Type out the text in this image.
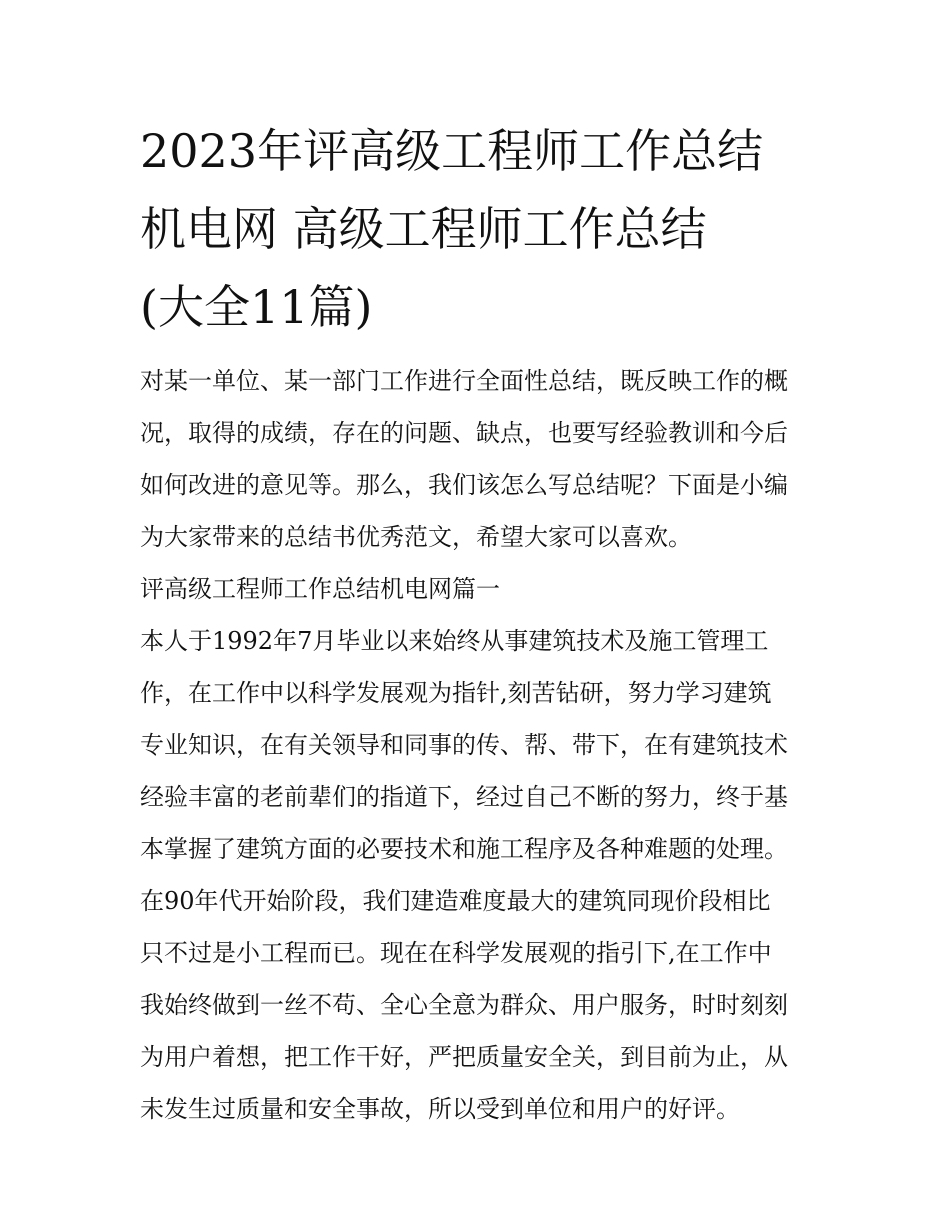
2023年评高级工程师工作总结
机电网 高级工程师工作总结
(大全11篇)
对某一单位、某一部门工作进行全面性总结，既反映工作的概
况，取得的成绩，存在的问题、缺点，也要写经验教训和今后
如何改进的意见等。那么，我们该怎么写总结呢？下面是小编
为大家带来的总结书优秀范文，希望大家可以喜欢。
评高级工程师工作总结机电网篇一
本人于1992年7月毕业以来始终从事建筑技术及施工管理工
作，在工作中以科学发展观为指针,刻苦钻研，努力学习建筑
专业知识，在有关领导和同事的传、帮、带下，在有建筑技术
经验丰富的老前辈们的指道下，经过自己不断的努力，终于基
本掌握了建筑方面的必要技术和施工程序及各种难题的处理。
在90年代开始阶段，我们建造难度最大的建筑同现价段相比
只不过是小工程而已。现在在科学发展观的指引下,在工作中
我始终做到一丝不苟、全心全意为群众、用户服务，时时刻刻
为用户着想，把工作干好，严把质量安全关，到目前为止，从
未发生过质量和安全事故，所以受到单位和用户的好评。
